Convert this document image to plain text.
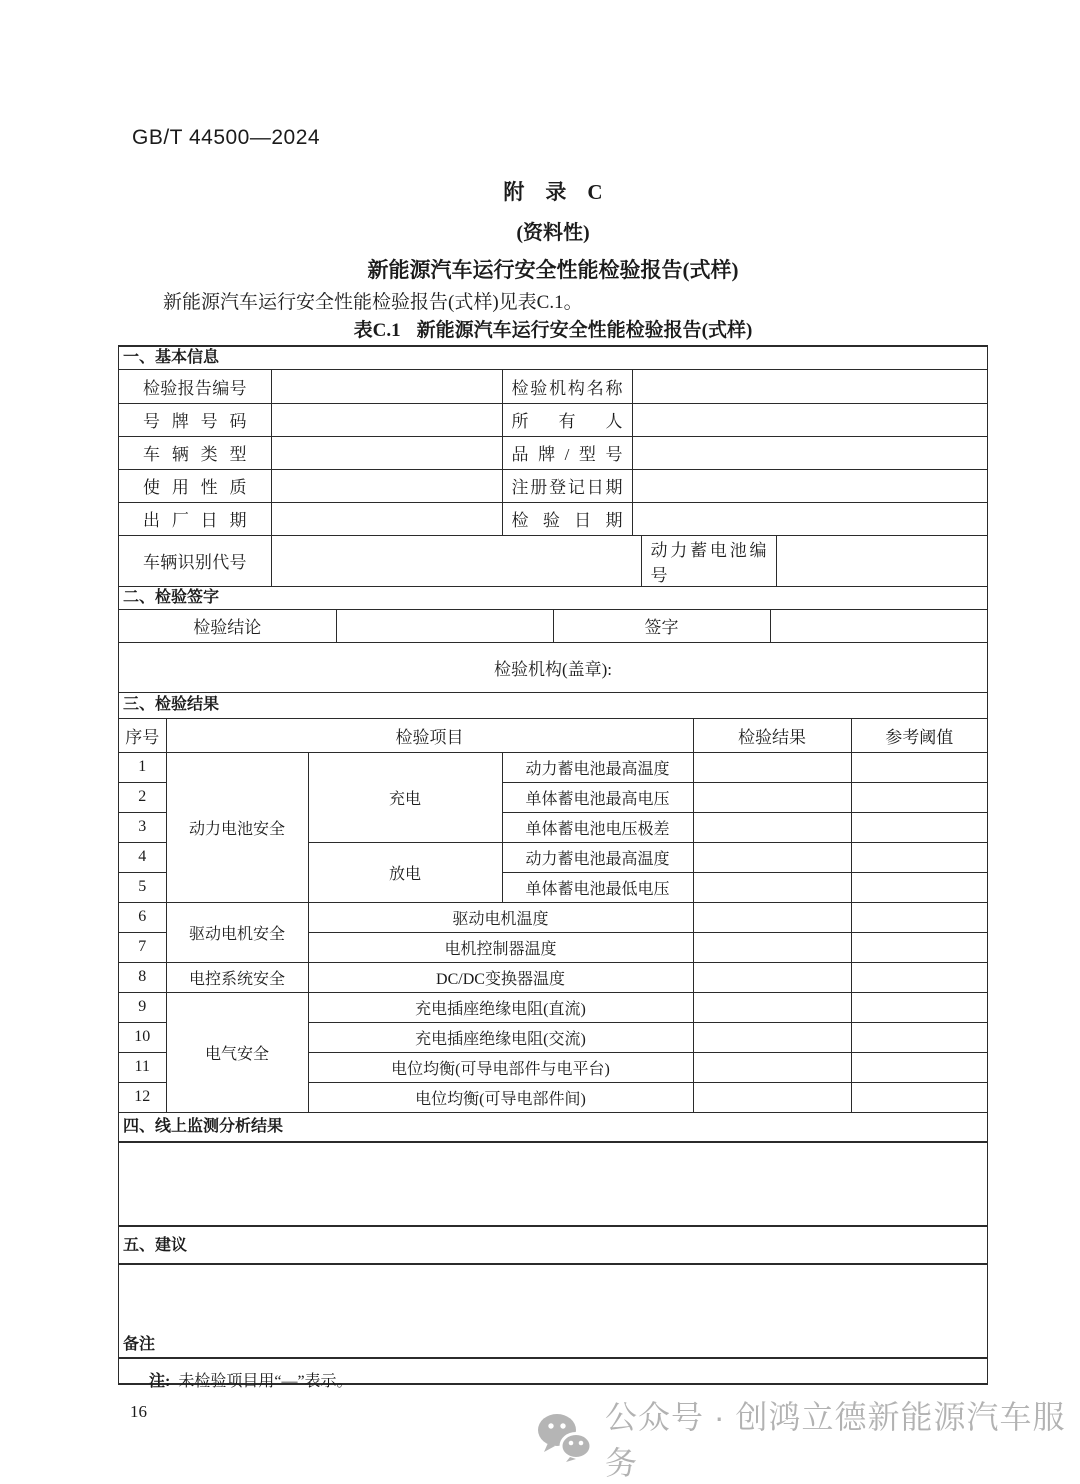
GB/T 44500—2024
附　录　C
(资料性)
新能源汽车运行安全性能检验报告(式样)
新能源汽车运行安全性能检验报告(式样)见表C.1。
表C.1 新能源汽车运行安全性能检验报告(式样)
一、基本信息
检验报告编号		检验机构名称	
号牌号码		所有人	
车辆类型		品牌/型号	
使用性质		注册登记日期	
出厂日期		检验日期	
车辆识别代号		动力蓄电池编号	
二、检验签字
检验结论		签字	
检验机构(盖章):
三、检验结果
序号	检验项目			检验结果	参考阈值
1	动力电池安全	充电	动力蓄电池最高温度		
2			单体蓄电池最高电压		
3			单体蓄电池电压极差		
4		放电	动力蓄电池最高温度		
5			单体蓄电池最低电压		
6	驱动电机安全	驱动电机温度			
7		电机控制器温度			
8	电控系统安全	DC/DC变换器温度			
9	电气安全	充电插座绝缘电阻(直流)			
10		充电插座绝缘电阻(交流)			
11		电位均衡(可导电部件与电平台)			
12		电位均衡(可导电部件间)			
四、线上监测分析结果
五、建议
备注
注: 未检验项目用“—”表示。
16	公众号 · 创鸿立德新能源汽车服务
